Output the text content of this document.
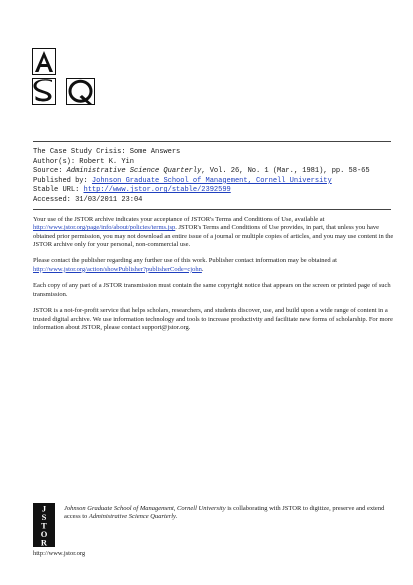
The Case Study Crisis: Some Answers
Author(s): Robert K. Yin
Source: Administrative Science Quarterly, Vol. 26, No. 1 (Mar., 1981), pp. 58-65
Published by: Johnson Graduate School of Management, Cornell University
Stable URL: http://www.jstor.org/stable/2392599
Accessed: 31/03/2011 23:04

Your use of the JSTOR archive indicates your acceptance of JSTOR's Terms and Conditions of Use, available at
http://www.jstor.org/page/info/about/policies/terms.jsp. JSTOR's Terms and Conditions of Use provides, in part, that unless you have obtained prior permission, you may not download an entire issue of a journal or multiple copies of articles, and you may use content in the JSTOR archive only for your personal, non-commercial use.

Please contact the publisher regarding any further use of this work. Publisher contact information may be obtained at
http://www.jstor.org/action/showPublisher?publisherCode=cjohn.

Each copy of any part of a JSTOR transmission must contain the same copyright notice that appears on the screen or printed page of such transmission.

JSTOR is a not-for-profit service that helps scholars, researchers, and students discover, use, and build upon a wide range of content in a trusted digital archive. We use information technology and tools to increase productivity and facilitate new forms of scholarship. For more information about JSTOR, please contact support@jstor.org.

J
S
T
O
R
Johnson Graduate School of Management, Cornell University is collaborating with JSTOR to digitize, preserve and extend access to Administrative Science Quarterly.
http://www.jstor.org
